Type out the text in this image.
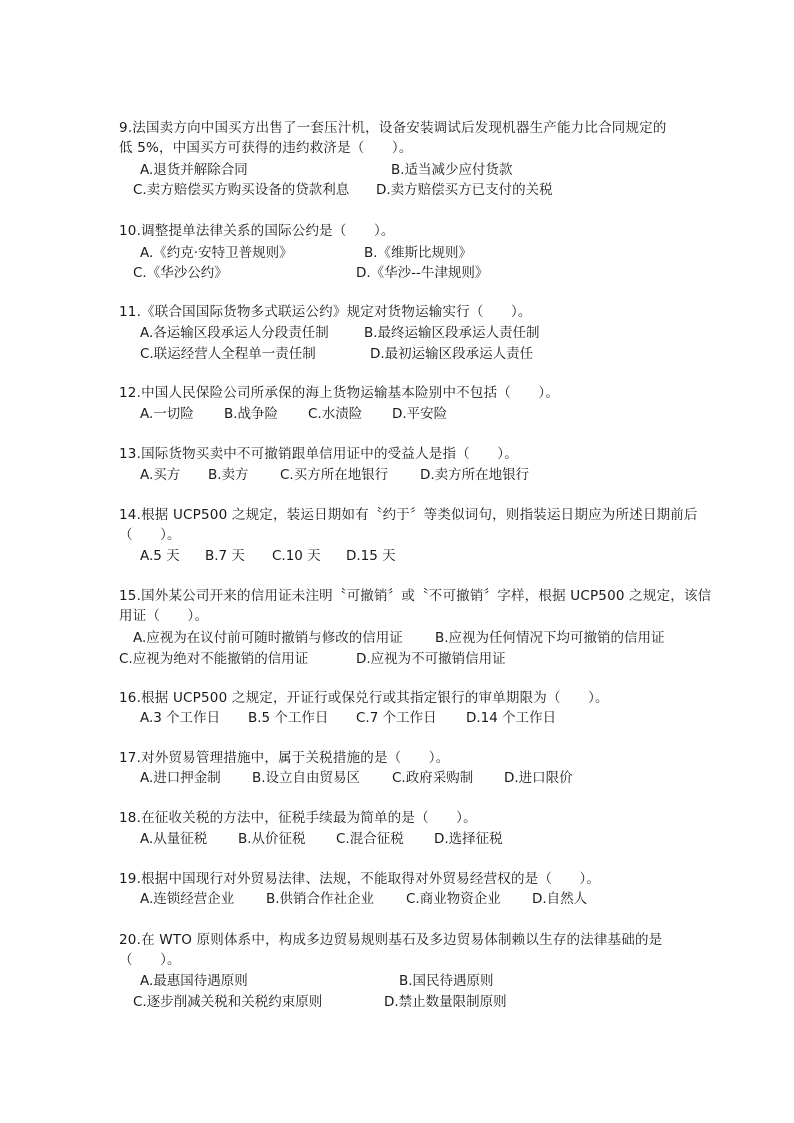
9.法国卖方向中国买方出售了一套压汁机，设备安装调试后发现机器生产能力比合同规定的
低 5%，中国买方可获得的违约救济是（　　）。
A.退货并解除合同	B.适当减少应付货款
C.卖方赔偿买方购买设备的贷款利息 D.卖方赔偿买方已支付的关税
10.调整提单法律关系的国际公约是（　　）。
A.《约克·安特卫普规则》	B.《维斯比规则》
C.《华沙公约》	D.《华沙--牛津规则》
11.《联合国国际货物多式联运公约》规定对货物运输实行（　　）。
A.各运输区段承运人分段责任制	B.最终运输区段承运人责任制
C.联运经营人全程单一责任制	D.最初运输区段承运人责任
12.中国人民保险公司所承保的海上货物运输基本险别中不包括（　　）。
A.一切险 B.战争险 C.水渍险 D.平安险
13.国际货物买卖中不可撤销跟单信用证中的受益人是指（　　）。
A.买方 B.卖方 C.买方所在地银行 D.卖方所在地银行
14.根据 UCP500 之规定，装运日期如有〝约于〞等类似词句，则指装运日期应为所述日期前后
（　　）。
A.5 天 B.7 天 C.10 天 D.15 天
15.国外某公司开来的信用证未注明〝可撤销〞或〝不可撤销〞字样，根据 UCP500 之规定，该信
用证（　　）。
A.应视为在议付前可随时撤销与修改的信用证 B.应视为任何情况下均可撤销的信用证
C.应视为绝对不能撤销的信用证	D.应视为不可撤销信用证
16.根据 UCP500 之规定，开证行或保兑行或其指定银行的审单期限为（　　）。
A.3 个工作日 B.5 个工作日 C.7 个工作日 D.14 个工作日
17.对外贸易管理措施中，属于关税措施的是（　　）。
A.进口押金制 B.设立自由贸易区 C.政府采购制 D.进口限价
18.在征收关税的方法中，征税手续最为简单的是（　　）。
A.从量征税 B.从价征税 C.混合征税 D.选择征税
19.根据中国现行对外贸易法律、法规，不能取得对外贸易经营权的是（　　）。
A.连锁经营企业 B.供销合作社企业 C.商业物资企业 D.自然人
20.在 WTO 原则体系中，构成多边贸易规则基石及多边贸易体制赖以生存的法律基础的是
（　　）。
A.最惠国待遇原则	B.国民待遇原则
C.逐步削减关税和关税约束原则	D.禁止数量限制原则
